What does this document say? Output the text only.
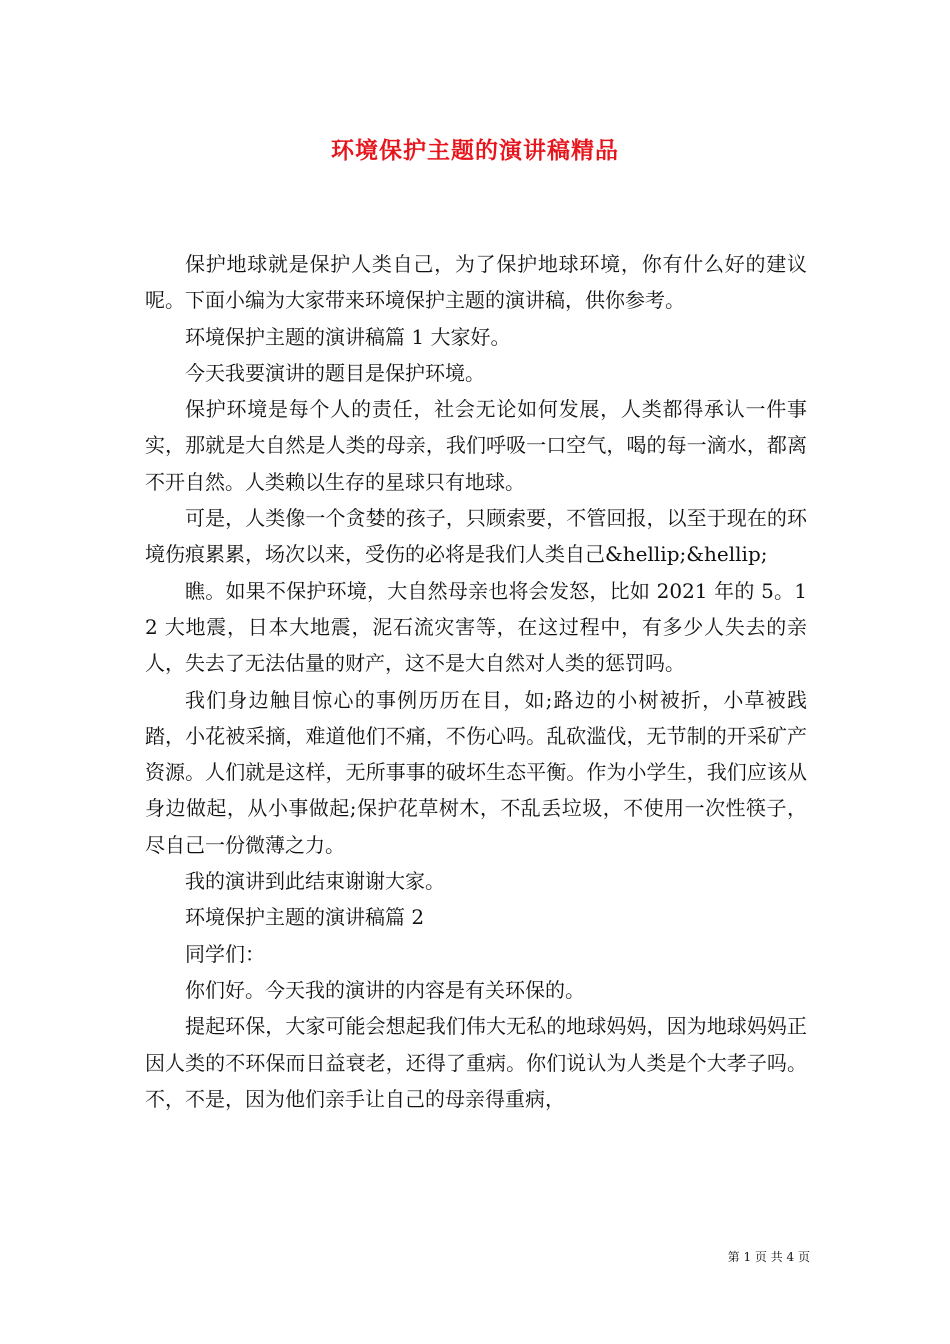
环境保护主题的演讲稿精品

保护地球就是保护人类自己，为了保护地球环境，你有什么好的建议呢。下面小编为大家带来环境保护主题的演讲稿，供你参考。

环境保护主题的演讲稿篇 1 大家好。

今天我要演讲的题目是保护环境。

保护环境是每个人的责任，社会无论如何发展，人类都得承认一件事实，那就是大自然是人类的母亲，我们呼吸一口空气，喝的每一滴水，都离不开自然。人类赖以生存的星球只有地球。

可是，人类像一个贪婪的孩子，只顾索要，不管回报，以至于现在的环境伤痕累累，场次以来，受伤的必将是我们人类自己&hellip;&hellip;

瞧。如果不保护环境，大自然母亲也将会发怒，比如 2021 年的 5。12 大地震，日本大地震，泥石流灾害等，在这过程中，有多少人失去的亲人，失去了无法估量的财产，这不是大自然对人类的惩罚吗。

我们身边触目惊心的事例历历在目，如;路边的小树被折，小草被践踏，小花被采摘，难道他们不痛，不伤心吗。乱砍滥伐，无节制的开采矿产资源。人们就是这样，无所事事的破坏生态平衡。作为小学生，我们应该从身边做起，从小事做起;保护花草树木，不乱丢垃圾，不使用一次性筷子，尽自己一份微薄之力。

我的演讲到此结束谢谢大家。

环境保护主题的演讲稿篇 2

同学们：

你们好。今天我的演讲的内容是有关环保的。

提起环保，大家可能会想起我们伟大无私的地球妈妈，因为地球妈妈正因人类的不环保而日益衰老，还得了重病。你们说认为人类是个大孝子吗。不，不是，因为他们亲手让自己的母亲得重病，

第 1 页 共 4 页
